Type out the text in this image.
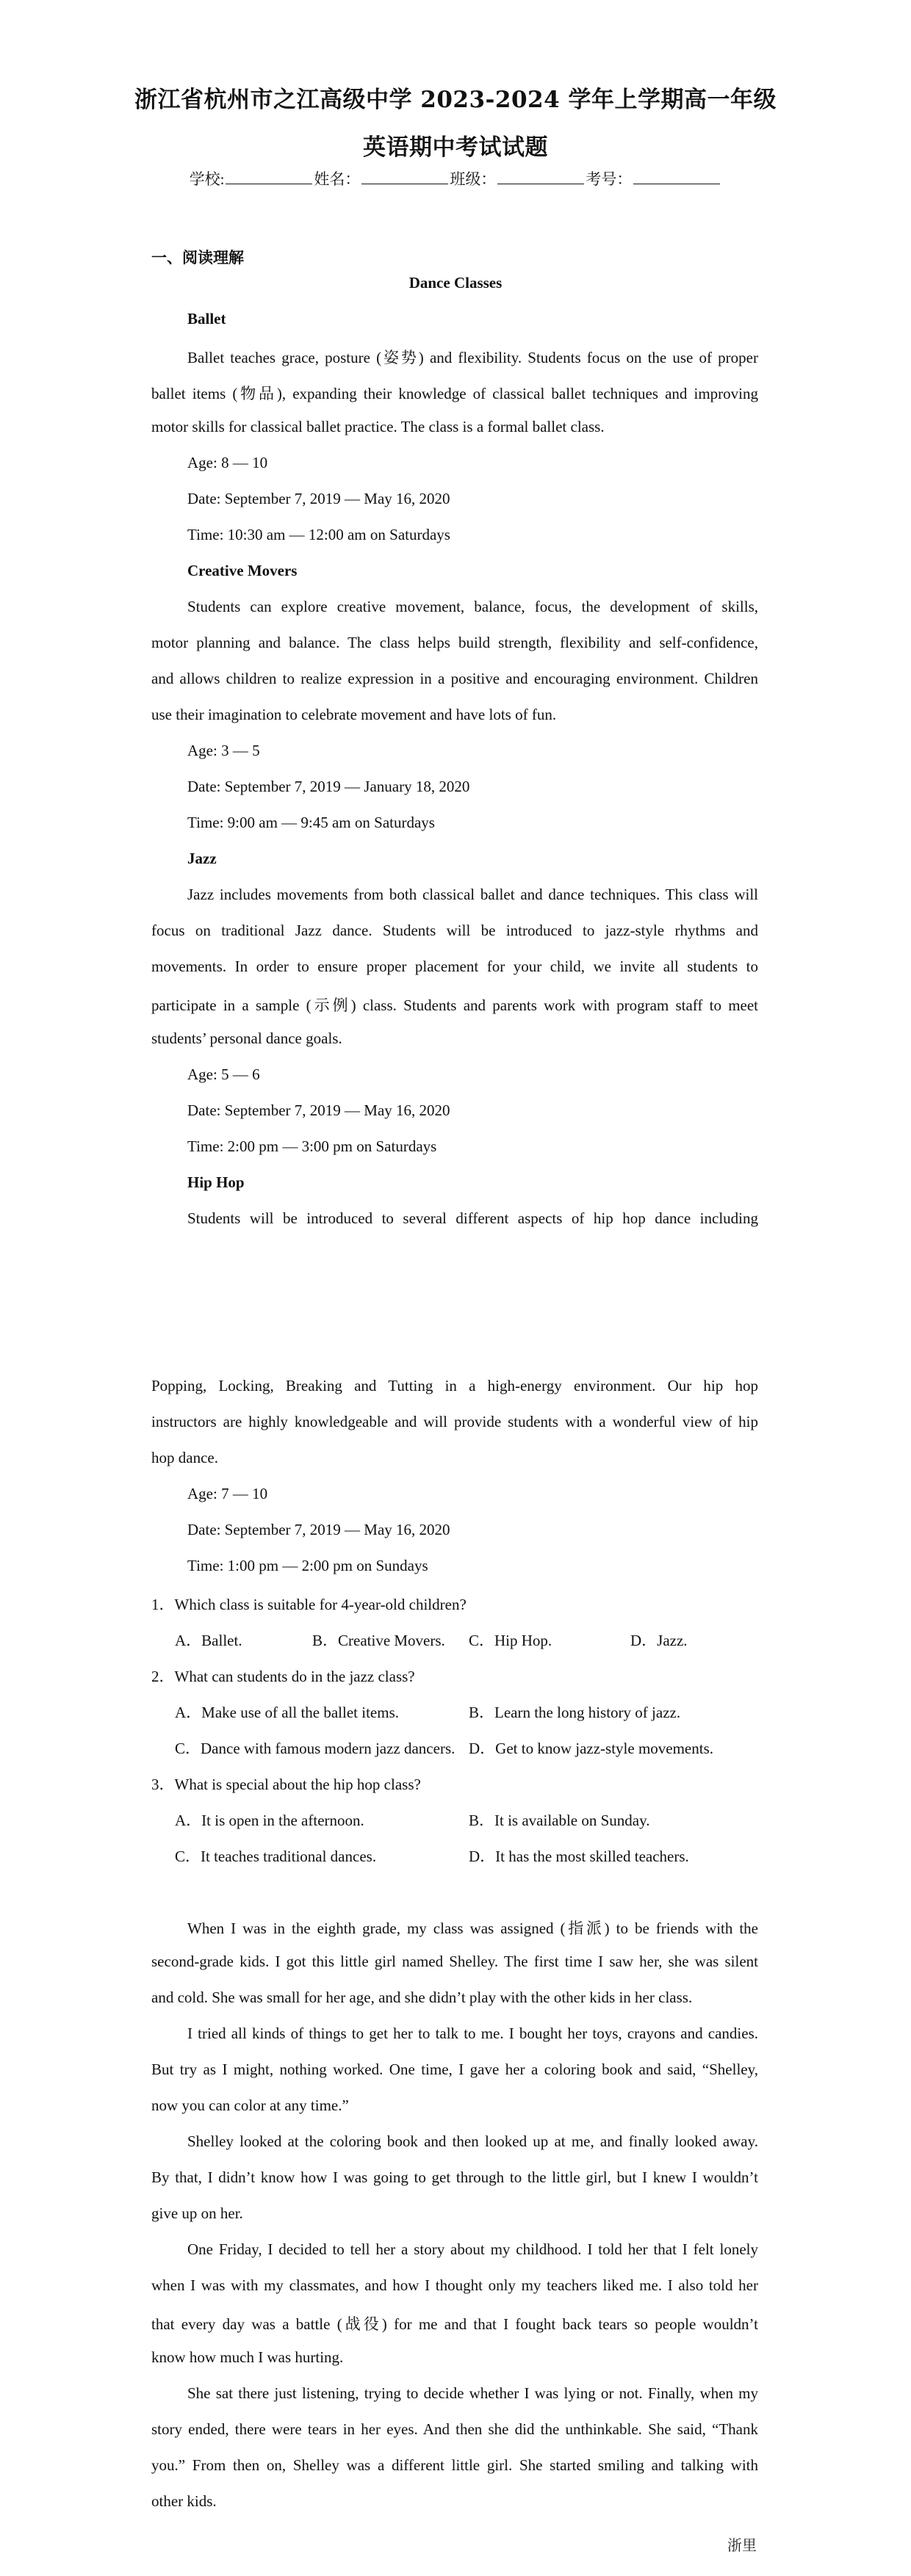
浙江省杭州市之江高级中学 2023-2024 学年上学期高一年级
英语期中考试试题
学校:	姓名：	班级：	考号：
一、阅读理解
Dance Classes
Ballet
Ballet teaches grace, posture (姿势) and flexibility. Students focus on the use of proper
ballet items (物品), expanding their knowledge of classical ballet techniques and improving
motor skills for classical ballet practice. The class is a formal ballet class.
Age: 8 — 10
Date: September 7, 2019 — May 16, 2020
Time: 10:30 am — 12:00 am on Saturdays
Creative Movers
Students can explore creative movement, balance, focus, the development of skills,
motor planning and balance. The class helps build strength, flexibility and self-confidence,
and allows children to realize expression in a positive and encouraging environment. Children
use their imagination to celebrate movement and have lots of fun.
Age: 3 — 5
Date: September 7, 2019 — January 18, 2020
Time: 9:00 am — 9:45 am on Saturdays
Jazz
Jazz includes movements from both classical ballet and dance techniques. This class will
focus on traditional Jazz dance. Students will be introduced to jazz-style rhythms and
movements. In order to ensure proper placement for your child, we invite all students to
participate in a sample (示例) class. Students and parents work with program staff to meet
students’ personal dance goals.
Age: 5 — 6
Date: September 7, 2019 — May 16, 2020
Time: 2:00 pm — 3:00 pm on Saturdays
Hip Hop
Students will be introduced to several different aspects of hip hop dance including
Popping, Locking, Breaking and Tutting in a high-energy environment. Our hip hop
instructors are highly knowledgeable and will provide students with a wonderful view of hip
hop dance.
Age: 7 — 10
Date: September 7, 2019 — May 16, 2020
Time: 1:00 pm — 2:00 pm on Sundays
1．Which class is suitable for 4-year-old children?
A．Ballet.	B．Creative Movers. C．Hip Hop.	D．Jazz.
2．What can students do in the jazz class?
A．Make use of all the ballet items.	B．Learn the long history of jazz.
C．Dance with famous modern jazz dancers. D．Get to know jazz-style movements.
3．What is special about the hip hop class?
A．It is open in the afternoon.	B．It is available on Sunday.
C．It teaches traditional dances.	D．It has the most skilled teachers.
When I was in the eighth grade, my class was assigned (指派) to be friends with the
second-grade kids. I got this little girl named Shelley. The first time I saw her, she was silent
and cold. She was small for her age, and she didn’t play with the other kids in her class.
I tried all kinds of things to get her to talk to me. I bought her toys, crayons and candies.
But try as I might, nothing worked. One time, I gave her a coloring book and said, “Shelley,
now you can color at any time.”
Shelley looked at the coloring book and then looked up at me, and finally looked away.
By that, I didn’t know how I was going to get through to the little girl, but I knew I wouldn’t
give up on her.
One Friday, I decided to tell her a story about my childhood. I told her that I felt lonely
when I was with my classmates, and how I thought only my teachers liked me. I also told her
that every day was a battle (战役) for me and that I fought back tears so people wouldn’t
know how much I was hurting.
She sat there just listening, trying to decide whether I was lying or not. Finally, when my
story ended, there were tears in her eyes. And then she did the unthinkable. She said, “Thank
you.” From then on, Shelley was a different little girl. She started smiling and talking with
other kids.
浙里
